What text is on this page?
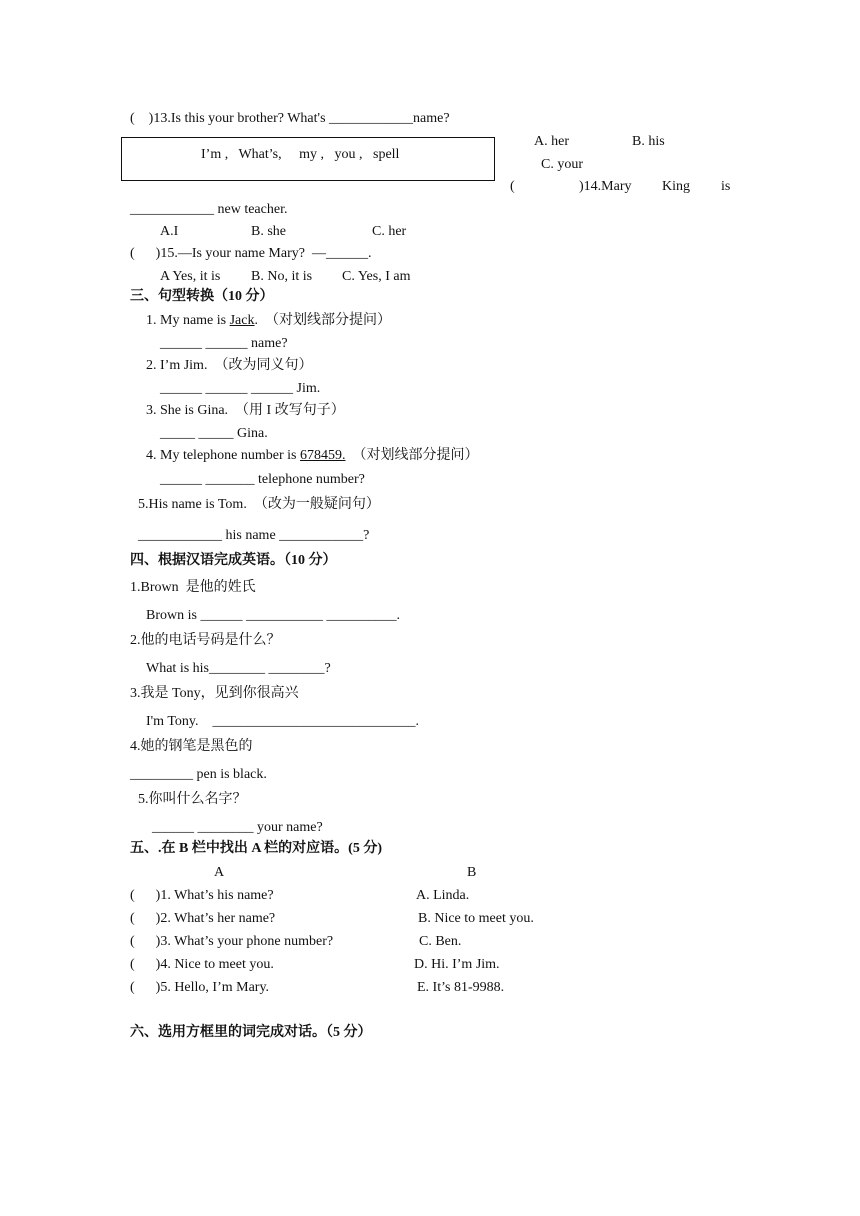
(    )13.Is this your brother? What's ____________name?
I’m ,   What’s,     my ,   you ,   spell
A. her	B. his
C. your
(	)14.Mary King is
____________ new teacher.
A.I	B. she	C. her
(      )15.—Is your name Mary?  —______.
A Yes, it is B. No, it is C. Yes, I am
三、句型转换（10 分）
1. My name is Jack.  （对划线部分提问）
______ ______ name?
2. I’m Jim.  （改为同义句）
______ ______ ______ Jim.
3. She is Gina.  （用 I 改写句子）
_____ _____ Gina.
4. My telephone number is 678459.  （对划线部分提问）
______ _______ telephone number?
5.His name is Tom.  （改为一般疑问句）
____________ his name ____________?
四、根据汉语完成英语。（10 分）
1.Brown  是他的姓氏
Brown is ______ ___________ __________.
2.他的电话号码是什么？
What is his________ ________?
3.我是 Tony，见到你很高兴
I'm Tony.    _____________________________.
4.她的钢笔是黑色的
_________ pen is black.
5.你叫什么名字？
______ ________ your name?
五、.在 B 栏中找出 A 栏的对应语。(5 分)
A	B
(      )1. What’s his name?	A. Linda.
(      )2. What’s her name?	B. Nice to meet you.
(      )3. What’s your phone number?	C. Ben.
(      )4. Nice to meet you.	D. Hi. I’m Jim.
(      )5. Hello, I’m Mary.	E. It’s 81-9988.
六、选用方框里的词完成对话。（5 分）
